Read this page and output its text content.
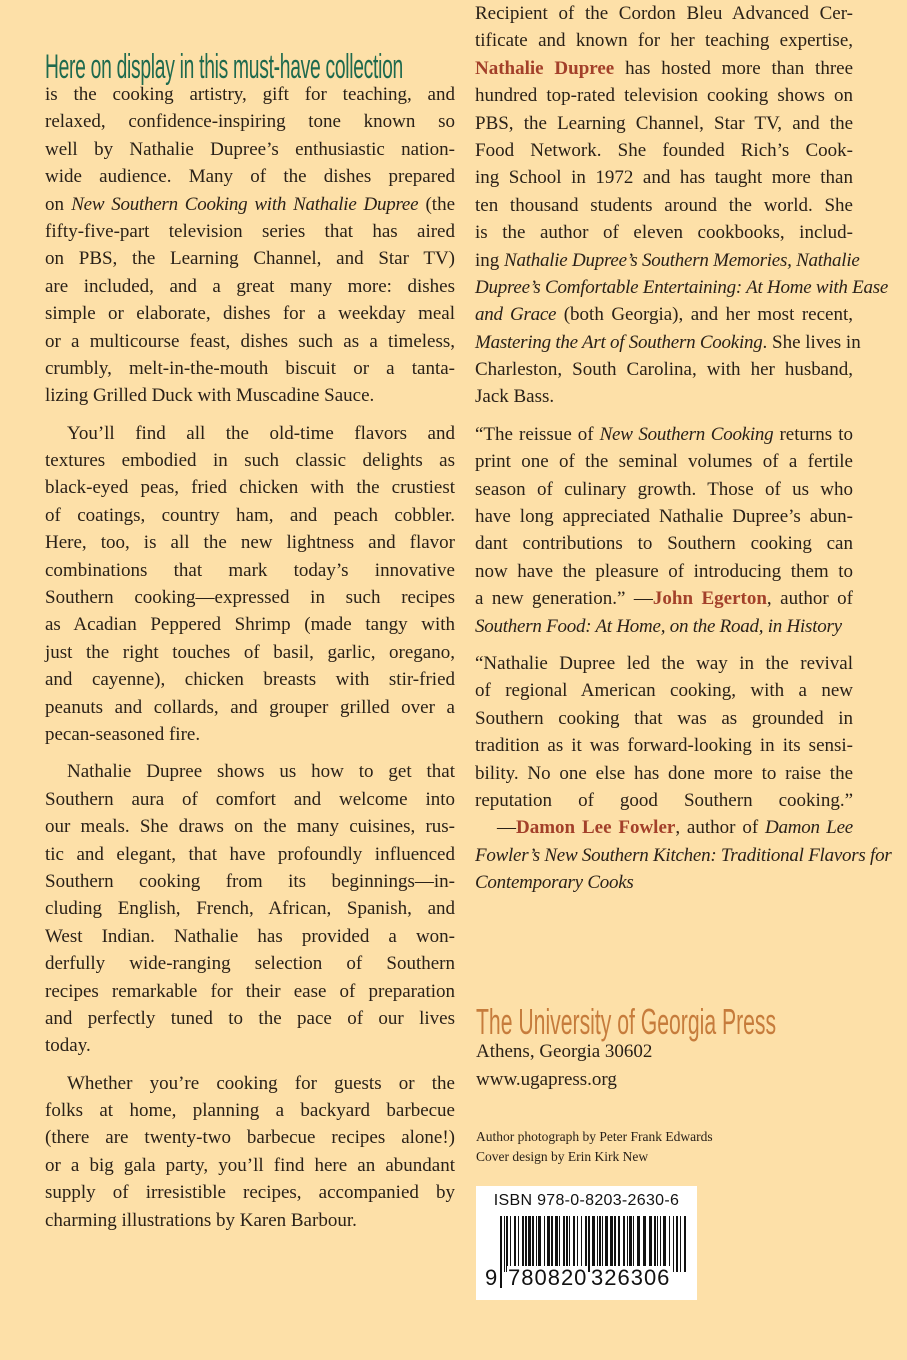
Here on display in this must-have collection
is the cooking artistry, gift for teaching, and
relaxed, confidence-inspiring tone known so
well by Nathalie Dupree’s enthusiastic nation-
wide audience. Many of the dishes prepared
on New Southern Cooking with Nathalie Dupree (the
fifty-five-part television series that has aired
on PBS, the Learning Channel, and Star TV)
are included, and a great many more: dishes
simple or elaborate, dishes for a weekday meal
or a multicourse feast, dishes such as a timeless,
crumbly, melt-in-the-mouth biscuit or a tanta-
lizing Grilled Duck with Muscadine Sauce.
You’ll find all the old-time flavors and
textures embodied in such classic delights as
black-eyed peas, fried chicken with the crustiest
of coatings, country ham, and peach cobbler.
Here, too, is all the new lightness and flavor
combinations that mark today’s innovative
Southern cooking—expressed in such recipes
as Acadian Peppered Shrimp (made tangy with
just the right touches of basil, garlic, oregano,
and cayenne), chicken breasts with stir-fried
peanuts and collards, and grouper grilled over a
pecan-seasoned fire.
Nathalie Dupree shows us how to get that
Southern aura of comfort and welcome into
our meals. She draws on the many cuisines, rus-
tic and elegant, that have profoundly influenced
Southern cooking from its beginnings—in-
cluding English, French, African, Spanish, and
West Indian. Nathalie has provided a won-
derfully wide-ranging selection of Southern
recipes remarkable for their ease of preparation
and perfectly tuned to the pace of our lives
today.
Whether you’re cooking for guests or the
folks at home, planning a backyard barbecue
(there are twenty-two barbecue recipes alone!)
or a big gala party, you’ll find here an abundant
supply of irresistible recipes, accompanied by
charming illustrations by Karen Barbour.
Recipient of the Cordon Bleu Advanced Cer-
tificate and known for her teaching expertise,
Nathalie Dupree has hosted more than three
hundred top-rated television cooking shows on
PBS, the Learning Channel, Star TV, and the
Food Network. She founded Rich’s Cook-
ing School in 1972 and has taught more than
ten thousand students around the world. She
is the author of eleven cookbooks, includ-
ing Nathalie Dupree’s Southern Memories, Nathalie
Dupree’s Comfortable Entertaining: At Home with Ease
and Grace (both Georgia), and her most recent,
Mastering the Art of Southern Cooking. She lives in
Charleston, South Carolina, with her husband,
Jack Bass.
“The reissue of New Southern Cooking returns to
print one of the seminal volumes of a fertile
season of culinary growth. Those of us who
have long appreciated Nathalie Dupree’s abun-
dant contributions to Southern cooking can
now have the pleasure of introducing them to
a new generation.” —John Egerton, author of
Southern Food: At Home, on the Road, in History
“Nathalie Dupree led the way in the revival
of regional American cooking, with a new
Southern cooking that was as grounded in
tradition as it was forward-looking in its sensi-
bility. No one else has done more to raise the
reputation of good Southern cooking.”
—Damon Lee Fowler, author of Damon Lee
Fowler’s New Southern Kitchen: Traditional Flavors for
Contemporary Cooks
The University of Georgia Press
Athens, Georgia 30602
www.ugapress.org
Author photograph by Peter Frank Edwards
Cover design by Erin Kirk New
ISBN 978-0-8203-2630-6
9 780820 326306
